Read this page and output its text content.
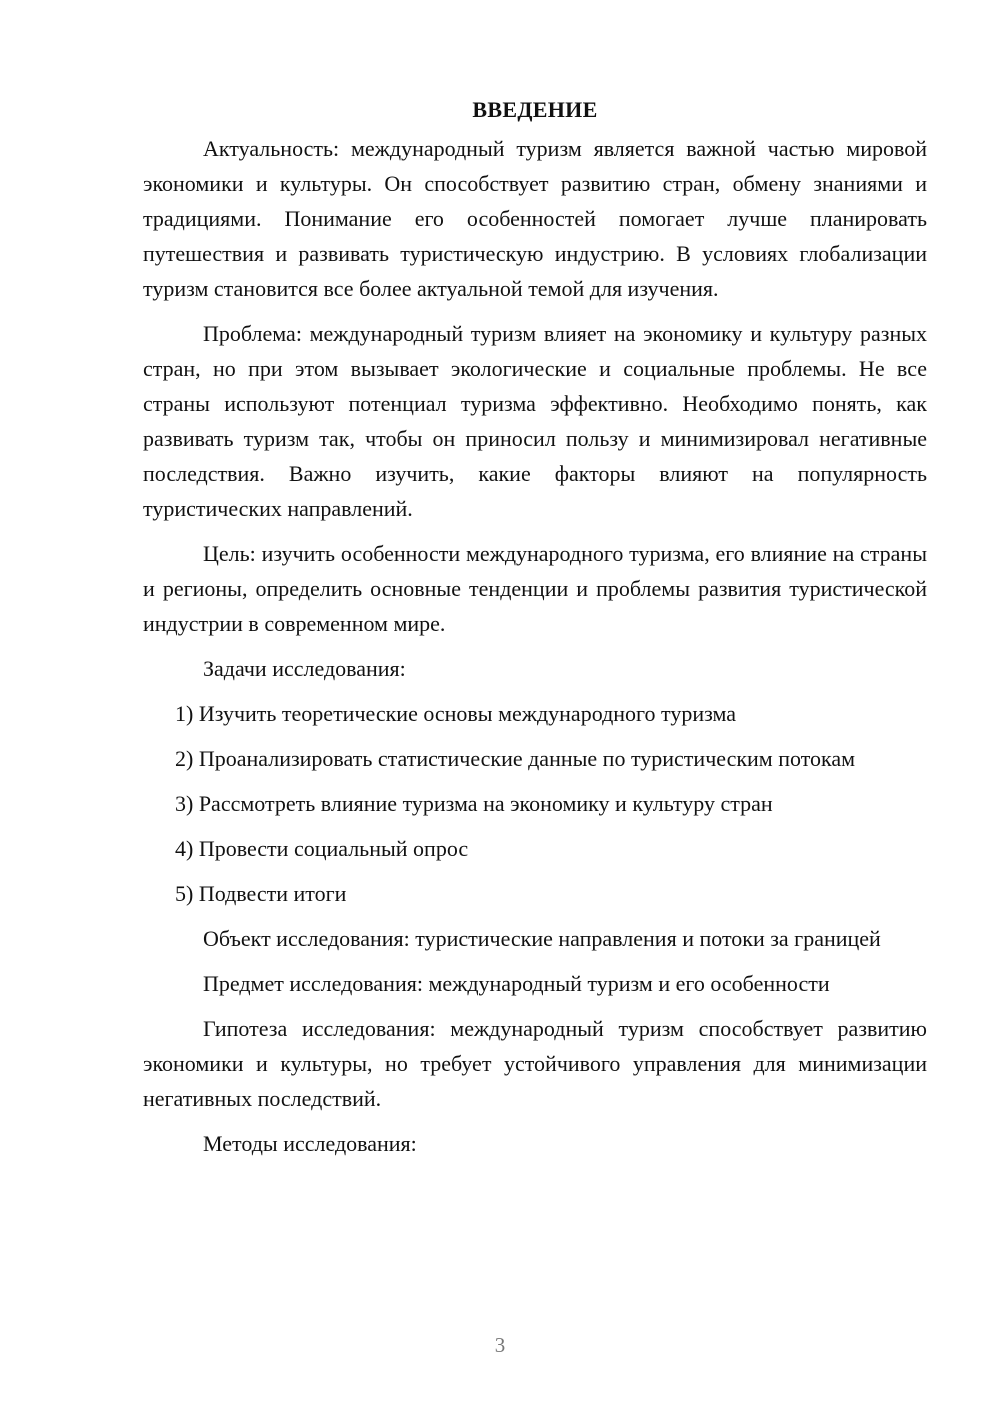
ВВЕДЕНИЕ

Актуальность: международный туризм является важной частью мировой экономики и культуры. Он способствует развитию стран, обмену знаниями и традициями. Понимание его особенностей помогает лучше планировать путешествия и развивать туристическую индустрию. В условиях глобализации туризм становится все более актуальной темой для изучения.

Проблема: международный туризм влияет на экономику и культуру разных стран, но при этом вызывает экологические и социальные проблемы. Не все страны используют потенциал туризма эффективно. Необходимо понять, как развивать туризм так, чтобы он приносил пользу и минимизировал негативные последствия. Важно изучить, какие факторы влияют на популярность туристических направлений.

Цель: изучить особенности международного туризма, его влияние на страны и регионы, определить основные тенденции и проблемы развития туристической индустрии в современном мире.

Задачи исследования:

1) Изучить теоретические основы международного туризма

2) Проанализировать статистические данные по туристическим потокам

3) Рассмотреть влияние туризма на экономику и культуру стран

4) Провести социальный опрос

5) Подвести итоги

Объект исследования: туристические направления и потоки за границей

Предмет исследования: международный туризм и его особенности

Гипотеза исследования: международный туризм способствует развитию экономики и культуры, но требует устойчивого управления для минимизации негативных последствий.

Методы исследования:

3
